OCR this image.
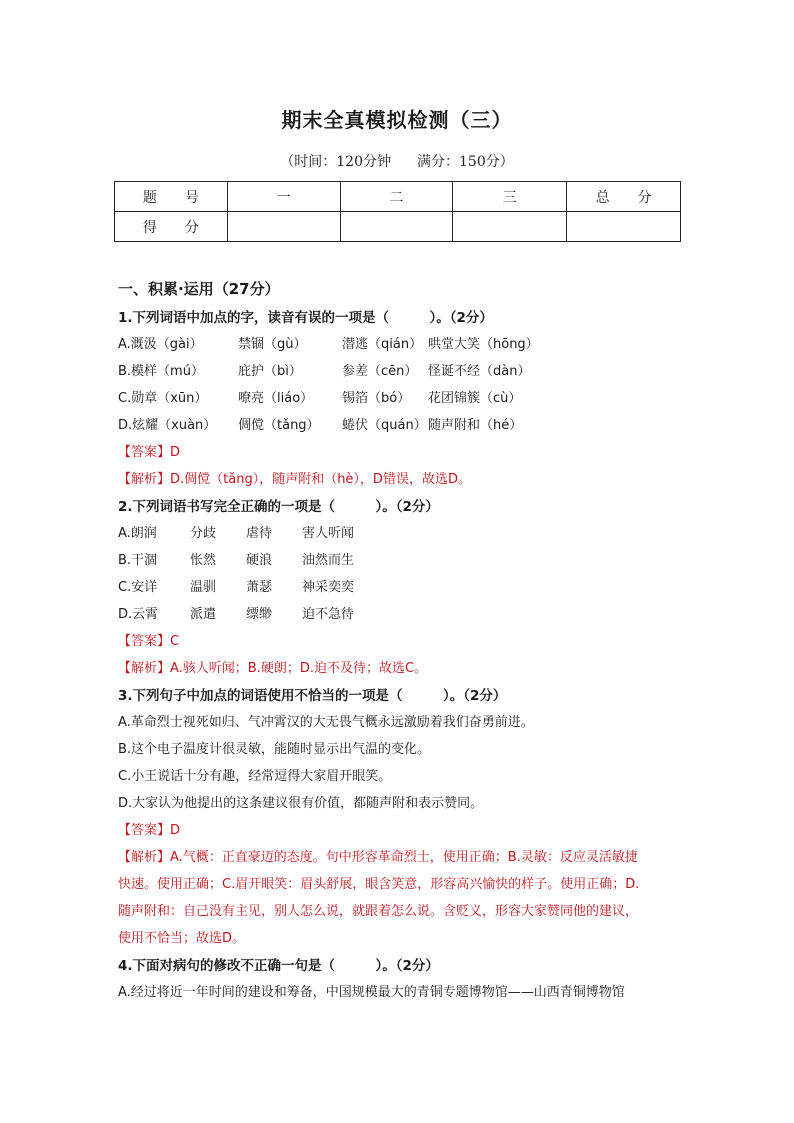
期末全真模拟检测（三）
（时间：120分钟 满分：150分）
题　　号	一	二	三	总　　分
得　　分				
一、积累·运用（27分）
1.下列词语中加点的字，读音有误的一项是（　　　）。（2分）
A.溉汲（gài）	禁锢（gù）	潜逃（qián） 哄堂大笑（hōng）
B.模样（mú）	庇护（bì）	参差（cēn） 怪诞不经（dàn）
C.勋章（xūn） 嘹亮（liáo） 锡箔（bó） 花团锦簇（cù）
D.炫耀（xuàn） 倜傥（tǎng） 蜷伏（quán）随声附和（hé）
【答案】D
【解析】D.倜傥（tǎng），随声附和（hè），D错误，故选D。
2.下列词语书写完全正确的一项是（　　　）。（2分）
A.朗润	分歧 虐待 害人听闻
B.干涸	怅然 硬浪 油然而生
C.安详	温驯 萧瑟 神采奕奕
D.云霄 派遣 缥缈 迫不急待
【答案】C
【解析】A.骇人听闻；B.硬朗；D.迫不及待；故选C。
3.下列句子中加点的词语使用不恰当的一项是（　　　）。（2分）
A.革命烈士视死如归、气冲霄汉的大无畏气概永远激励着我们奋勇前进。
B.这个电子温度计很灵敏，能随时显示出气温的变化。
C.小王说话十分有趣，经常逗得大家眉开眼笑。
D.大家认为他提出的这条建议很有价值，都随声附和表示赞同。
【答案】D
【解析】A.气概：正直豪迈的态度。句中形容革命烈士，使用正确；B.灵敏：反应灵活敏捷
快速。使用正确；C.眉开眼笑：眉头舒展，眼含笑意，形容高兴愉快的样子。使用正确；D.
随声附和：自己没有主见，别人怎么说，就跟着怎么说。含贬义，形容大家赞同他的建议，
使用不恰当；故选D。
4.下面对病句的修改不正确一句是（　　　）。（2分）
A.经过将近一年时间的建设和筹备，中国规模最大的青铜专题博物馆——山西青铜博物馆
